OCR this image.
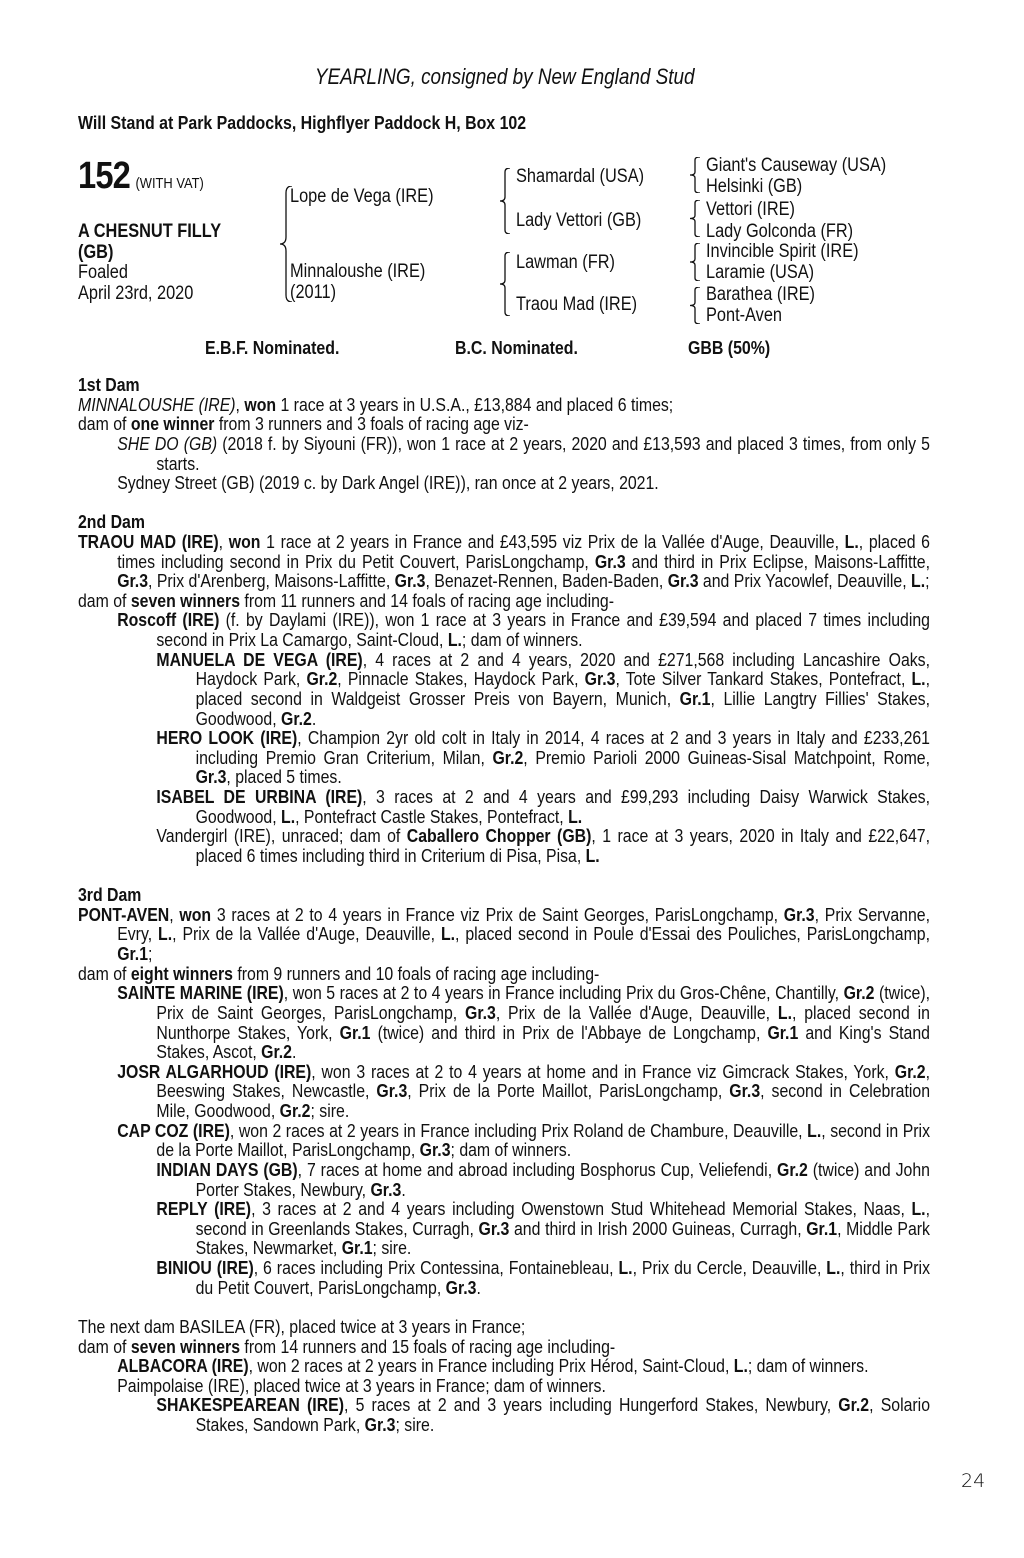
YEARLING, consigned by New England Stud
Will Stand at Park Paddocks, Highflyer Paddock H, Box 102
152 (WITH VAT)
A CHESNUT FILLY
(GB)
Foaled
April 23rd, 2020
Lope de Vega (IRE)
Minnaloushe (IRE)
(2011)
Shamardal (USA)
Lady Vettori (GB)
Lawman (FR)
Traou Mad (IRE)
Giant's Causeway (USA)
Helsinki (GB)
Vettori (IRE)
Lady Golconda (FR)
Invincible Spirit (IRE)
Laramie (USA)
Barathea (IRE)
Pont-Aven
E.B.F. Nominated.	B.C. Nominated.	GBB (50%)
1st Dam
MINNALOUSHE (IRE), won 1 race at 3 years in U.S.A., £13,884 and placed 6 times;
dam of one winner from 3 runners and 3 foals of racing age viz-
SHE DO (GB) (2018 f. by Siyouni (FR)), won 1 race at 2 years, 2020 and £13,593 and placed 3 times, from only 5 starts.
Sydney Street (GB) (2019 c. by Dark Angel (IRE)), ran once at 2 years, 2021.
2nd Dam
TRAOU MAD (IRE), won 1 race at 2 years in France and £43,595 viz Prix de la Vallée d'Auge, Deauville, L., placed 6 times including second in Prix du Petit Couvert, ParisLongchamp, Gr.3 and third in Prix Eclipse, Maisons-Laffitte, Gr.3, Prix d'Arenberg, Maisons-Laffitte, Gr.3, Benazet-Rennen, Baden-Baden, Gr.3 and Prix Yacowlef, Deauville, L.;
dam of seven winners from 11 runners and 14 foals of racing age including-
Roscoff (IRE) (f. by Daylami (IRE)), won 1 race at 3 years in France and £39,594 and placed 7 times including second in Prix La Camargo, Saint-Cloud, L.; dam of winners.
MANUELA DE VEGA (IRE), 4 races at 2 and 4 years, 2020 and £271,568 including Lancashire Oaks, Haydock Park, Gr.2, Pinnacle Stakes, Haydock Park, Gr.3, Tote Silver Tankard Stakes, Pontefract, L., placed second in Waldgeist Grosser Preis von Bayern, Munich, Gr.1, Lillie Langtry Fillies' Stakes, Goodwood, Gr.2.
HERO LOOK (IRE), Champion 2yr old colt in Italy in 2014, 4 races at 2 and 3 years in Italy and £233,261 including Premio Gran Criterium, Milan, Gr.2, Premio Parioli 2000 Guineas-Sisal Matchpoint, Rome, Gr.3, placed 5 times.
ISABEL DE URBINA (IRE), 3 races at 2 and 4 years and £99,293 including Daisy Warwick Stakes, Goodwood, L., Pontefract Castle Stakes, Pontefract, L.
Vandergirl (IRE), unraced; dam of Caballero Chopper (GB), 1 race at 3 years, 2020 in Italy and £22,647, placed 6 times including third in Criterium di Pisa, Pisa, L.
3rd Dam
PONT-AVEN, won 3 races at 2 to 4 years in France viz Prix de Saint Georges, ParisLongchamp, Gr.3, Prix Servanne, Evry, L., Prix de la Vallée d'Auge, Deauville, L., placed second in Poule d'Essai des Pouliches, ParisLongchamp, Gr.1;
dam of eight winners from 9 runners and 10 foals of racing age including-
SAINTE MARINE (IRE), won 5 races at 2 to 4 years in France including Prix du Gros-Chêne, Chantilly, Gr.2 (twice), Prix de Saint Georges, ParisLongchamp, Gr.3, Prix de la Vallée d'Auge, Deauville, L., placed second in Nunthorpe Stakes, York, Gr.1 (twice) and third in Prix de l'Abbaye de Longchamp, Gr.1 and King's Stand Stakes, Ascot, Gr.2.
JOSR ALGARHOUD (IRE), won 3 races at 2 to 4 years at home and in France viz Gimcrack Stakes, York, Gr.2, Beeswing Stakes, Newcastle, Gr.3, Prix de la Porte Maillot, ParisLongchamp, Gr.3, second in Celebration Mile, Goodwood, Gr.2; sire.
CAP COZ (IRE), won 2 races at 2 years in France including Prix Roland de Chambure, Deauville, L., second in Prix de la Porte Maillot, ParisLongchamp, Gr.3; dam of winners.
INDIAN DAYS (GB), 7 races at home and abroad including Bosphorus Cup, Veliefendi, Gr.2 (twice) and John Porter Stakes, Newbury, Gr.3.
REPLY (IRE), 3 races at 2 and 4 years including Owenstown Stud Whitehead Memorial Stakes, Naas, L., second in Greenlands Stakes, Curragh, Gr.3 and third in Irish 2000 Guineas, Curragh, Gr.1, Middle Park Stakes, Newmarket, Gr.1; sire.
BINIOU (IRE), 6 races including Prix Contessina, Fontainebleau, L., Prix du Cercle, Deauville, L., third in Prix du Petit Couvert, ParisLongchamp, Gr.3.
The next dam BASILEA (FR), placed twice at 3 years in France;
dam of seven winners from 14 runners and 15 foals of racing age including-
ALBACORA (IRE), won 2 races at 2 years in France including Prix Hérod, Saint-Cloud, L.; dam of winners.
Paimpolaise (IRE), placed twice at 3 years in France; dam of winners.
SHAKESPEAREAN (IRE), 5 races at 2 and 3 years including Hungerford Stakes, Newbury, Gr.2, Solario Stakes, Sandown Park, Gr.3; sire.
24
